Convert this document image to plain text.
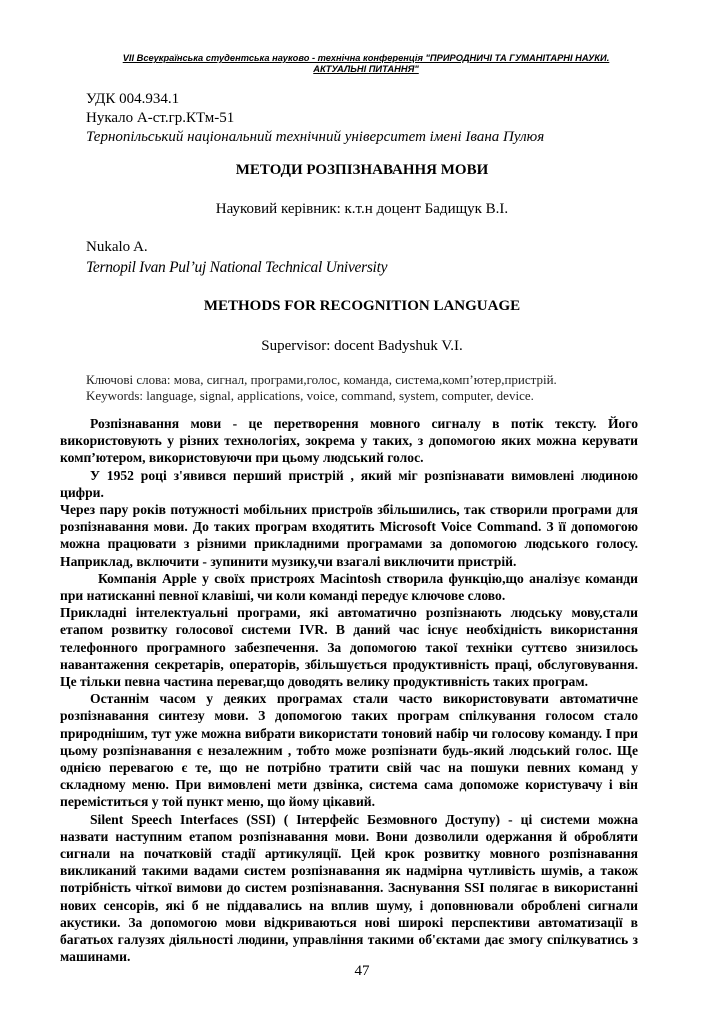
VII Всеукраїнська студентська науково - технічна конференція "ПРИРОДНИЧІ ТА ГУМАНІТАРНІ НАУКИ.
АКТУАЛЬНІ ПИТАННЯ"
УДК 004.934.1
Нукало А-ст.гр.КТм-51
Тернопільський національний технічний університет імені Івана Пулюя
МЕТОДИ РОЗПІЗНАВАННЯ МОВИ
Науковий керівник: к.т.н доцент Бадищук В.І.
Nukalo A.
Ternopil Ivan Pul’uj National Technical University
METHODS FOR RECOGNITION LANGUAGE
Supervisor: docent Badyshuk V.I.
Ключові слова: мова, сигнал, програми,голос, команда, система,комп’ютер,пристрій.
Keywords: language, signal, applications, voice, command, system, computer, device.

Розпізнавання мови - це перетворення мовного сигналу в потік тексту. Його використовують у різних технологіях, зокрема у таких, з допомогою яких можна керувати комп’ютером, використовуючи при цьому людський голос.

У 1952 році з'явився перший пристрій , який міг розпізнавати вимовлені людиною цифри.

Через пару років потужності мобільних пристроїв збільшились, так створили програми для розпізнавання мови. До таких програм входятить Microsoft Voice Command. З її допомогою можна працювати з різними прикладними програмами за допомогою людського голосу. Наприклад, включити - зупинити музику,чи взагалі виключити пристрій.

Компанія Apple у своїх пристроях Macintosh створила функцію,що аналізує команди при натисканні певної клавіші, чи коли команді передує ключове слово.

Прикладні інтелектуальні програми, які автоматично розпізнають людську мову,стали етапом розвитку голосової системи IVR. В даний час існує необхідність використання телефонного програмного забезпечення. За допомогою такої техніки суттєво знизилось навантаження секретарів, операторів, збільшується продуктивність праці, обслуговування. Це тільки певна частина переваг,що доводять велику продуктивність таких програм.

Останнім часом у деяких програмах стали часто використовувати автоматичне розпізнавання синтезу мови. З допомогою таких програм спілкування голосом стало природнішим, тут уже можна вибрати використати тоновий набір чи голосову команду. І при цьому розпізнавання є незалежним , тобто може розпізнати будь-який людський голос. Ще однією перевагою є те, що не потрібно тратити свій час на пошуки певних команд у складному меню. При вимовлені мети дзвінка, система сама допоможе користувачу і він переміститься у той пункт меню, що йому цікавий.

Silent Speech Interfaces (SSI) ( Інтерфейс Безмовного Доступу) - ці системи можна назвати наступним етапом розпізнавання мови. Вони дозволили одержання й обробляти сигнали на початковій стадії артикуляції. Цей крок розвитку мовного розпізнавання викликаний такими вадами систем розпізнавання як надмірна чутливість шумів, а також потрібність чіткої вимови до систем розпізнавання. Заснування SSI полягає в використанні нових сенсорів, які б не піддавались на вплив шуму, і доповнювали оброблені сигнали акустики. За допомогою мови відкриваються нові широкі перспективи автоматизації в багатьох галузях діяльності людини, управління такими об'єктами дає змогу спілкуватись з машинами.

47
